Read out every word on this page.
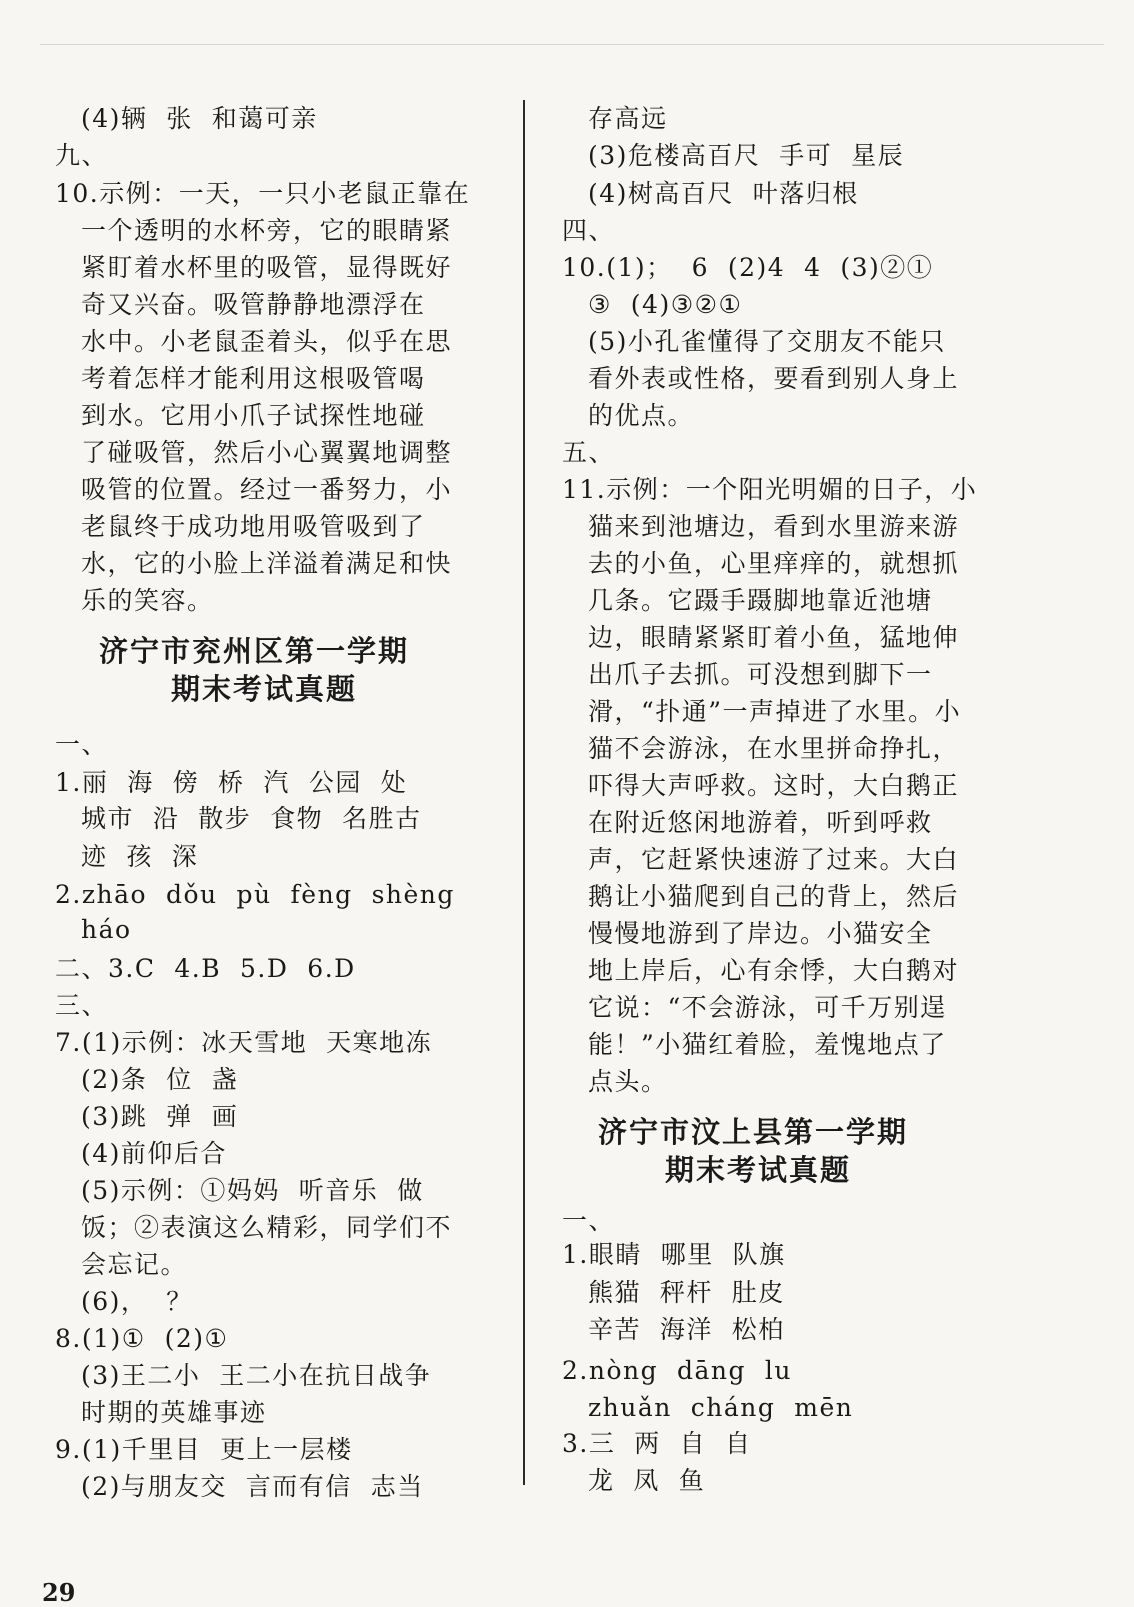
(4)辆  张  和蔼可亲
九、
10.示例：一天，一只小老鼠正靠在
一个透明的水杯旁，它的眼睛紧
紧盯着水杯里的吸管，显得既好
奇又兴奋。吸管静静地漂浮在
水中。小老鼠歪着头，似乎在思
考着怎样才能利用这根吸管喝
到水。它用小爪子试探性地碰
了碰吸管，然后小心翼翼地调整
吸管的位置。经过一番努力，小
老鼠终于成功地用吸管吸到了
水，它的小脸上洋溢着满足和快
乐的笑容。
济宁市兖州区第一学期
期末考试真题
一、
1.丽  海  傍  桥  汽  公园  处
城市  沿  散步  食物  名胜古
迹  孩  深
2.zhāo  dǒu  pù  fèng  shèng
háo
二、3.C  4.B  5.D  6.D
三、
7.(1)示例：冰天雪地  天寒地冻
(2)条  位  盏
(3)跳  弹  画
(4)前仰后合
(5)示例：①妈妈  听音乐  做
饭；②表演这么精彩，同学们不
会忘记。
(6)，  ？
8.(1)①  (2)①
(3)王二小  王二小在抗日战争
时期的英雄事迹
9.(1)千里目  更上一层楼
(2)与朋友交  言而有信  志当
存高远
(3)危楼高百尺  手可  星辰
(4)树高百尺  叶落归根
四、
10.(1)；  6  (2)4  4  (3)②①
③  (4)③②①
(5)小孔雀懂得了交朋友不能只
看外表或性格，要看到别人身上
的优点。
五、
11.示例：一个阳光明媚的日子，小
猫来到池塘边，看到水里游来游
去的小鱼，心里痒痒的，就想抓
几条。它蹑手蹑脚地靠近池塘
边，眼睛紧紧盯着小鱼，猛地伸
出爪子去抓。可没想到脚下一
滑，“扑通”一声掉进了水里。小
猫不会游泳，在水里拼命挣扎，
吓得大声呼救。这时，大白鹅正
在附近悠闲地游着，听到呼救
声，它赶紧快速游了过来。大白
鹅让小猫爬到自己的背上，然后
慢慢地游到了岸边。小猫安全
地上岸后，心有余悸，大白鹅对
它说：“不会游泳，可千万别逞
能！”小猫红着脸，羞愧地点了
点头。
济宁市汶上县第一学期
期末考试真题
一、
1.眼睛  哪里  队旗
熊猫  秤杆  肚皮
辛苦  海洋  松柏
2.nòng  dāng  lu
zhuǎn  cháng  mēn
3.三  两  自  自
龙  凤  鱼
29
